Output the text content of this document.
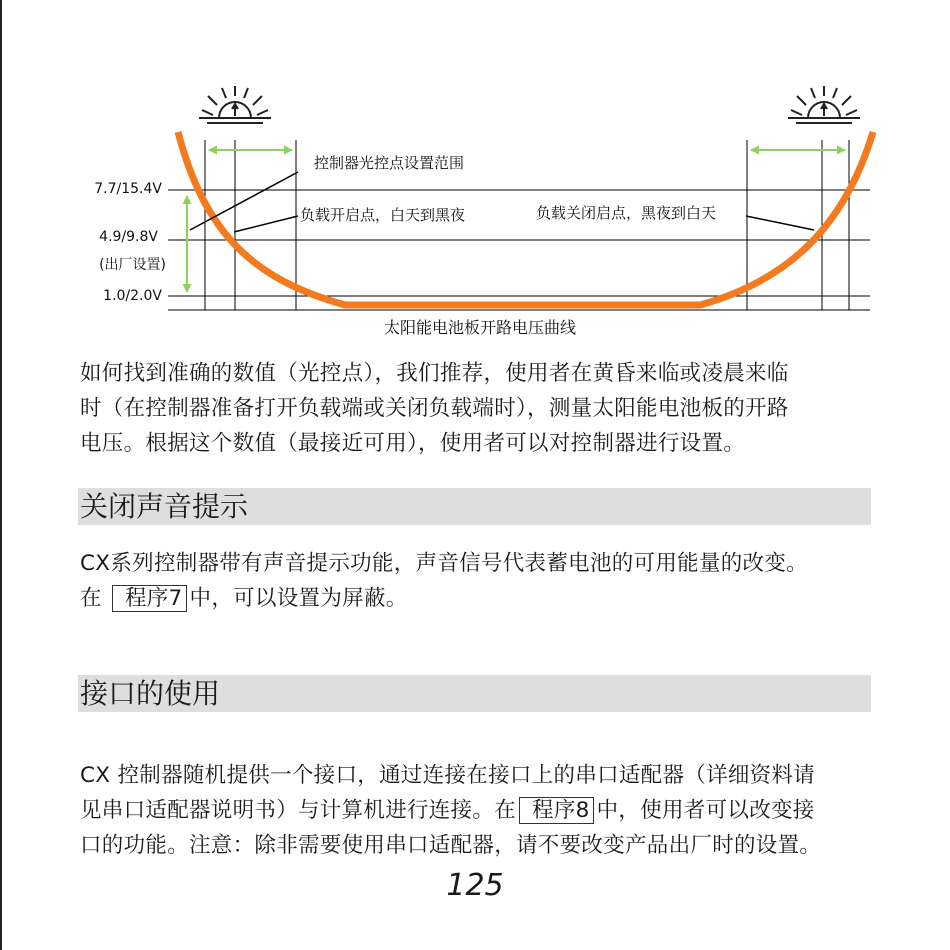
7.7/15.4V
4.9/9.8V
(出厂设置)
1.0/2.0V
控制器光控点设置范围
负载开启点，白天到黑夜	负载关闭启点，黑夜到白天
太阳能电池板开路电压曲线
如何找到准确的数值（光控点），我们推荐，使用者在黄昏来临或凌晨来临
时（在控制器准备打开负载端或关闭负载端时），测量太阳能电池板的开路
电压。根据这个数值（最接近可用），使用者可以对控制器进行设置。
关闭声音提示
CX系列控制器带有声音提示功能，声音信号代表蓄电池的可用能量的改变。
在 程序7 中，可以设置为屏蔽。
接口的使用
CX 控制器随机提供一个接口，通过连接在接口上的串口适配器（详细资料请
见串口适配器说明书）与计算机进行连接。在 程序8 中，使用者可以改变接
口的功能。注意：除非需要使用串口适配器，请不要改变产品出厂时的设置。
125
